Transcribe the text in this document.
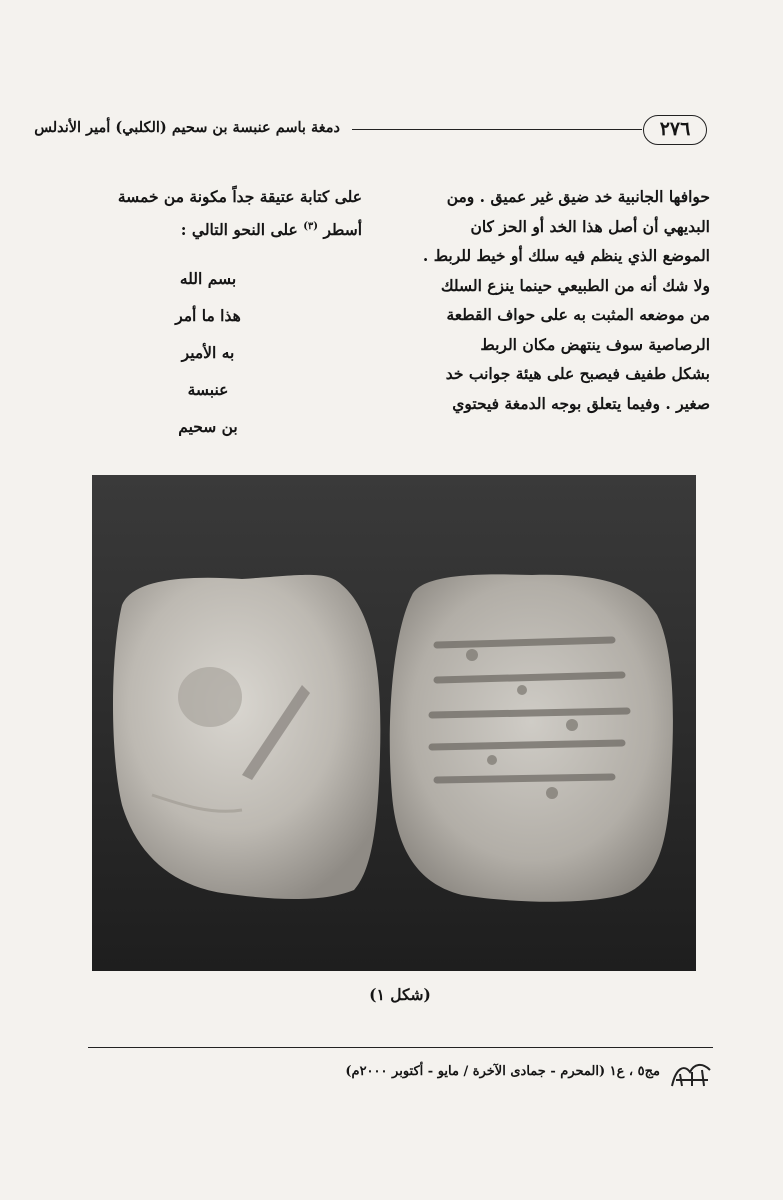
دمغة باسم عنبسة بن سحيم (الكلبي) أمير الأندلس	٢٧٦
حوافها الجانبية خد ضيق غير عميق . ومن
البديهي أن أصل هذا الخد أو الحز كان
الموضع الذي ينظم فيه سلك أو خيط للربط .
ولا شك أنه من الطبيعي حينما ينزع السلك
من موضعه المثبت به على حواف القطعة
الرصاصية سوف ينتهض مكان الربط
بشكل طفيف فيصبح على هيئة جوانب خد
صغير . وفيما يتعلق بوجه الدمغة فيحتوي
على كتابة عتيقة جداً مكونة من خمسة
أسطر $^{(٣)}$ على النحو التالي :
بسم الله
هذا ما أمر
به الأمير
عنبسة
بن سحيم
(شكل ١)
مج٥ ، ع١ (المحرم - جمادى الآخرة / مايو - أكتوبر ٢٠٠٠م)
